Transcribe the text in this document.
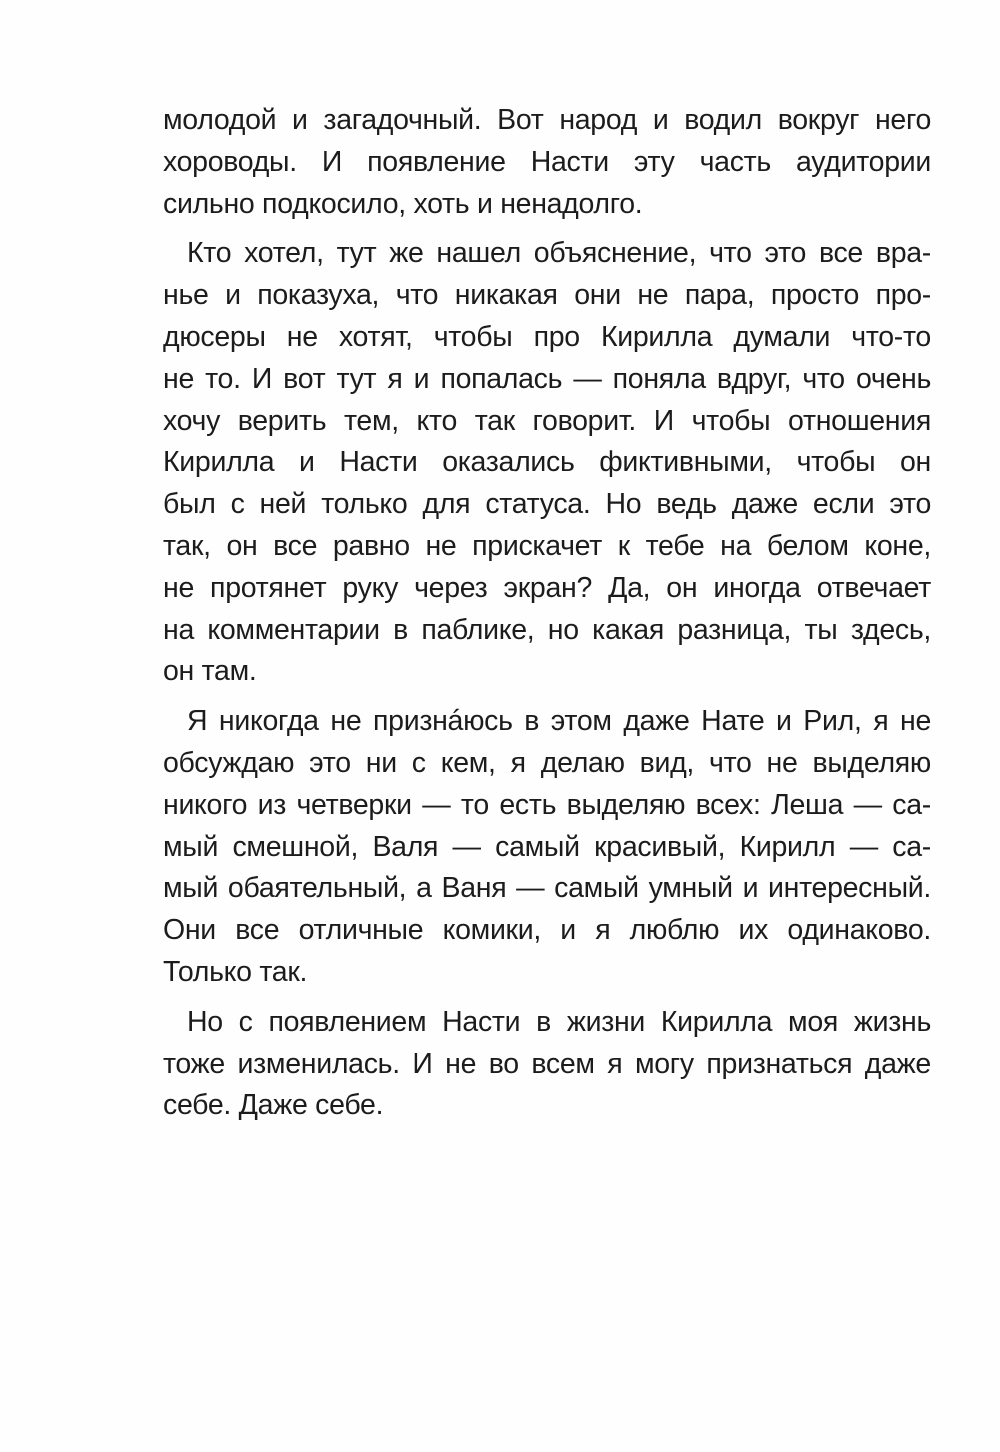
молодой и загадочный. Вот народ и водил вокруг него
хороводы. И появление Насти эту часть аудитории
сильно подкосило, хоть и ненадолго.
Кто хотел, тут же нашел объяснение, что это все вра-
нье и показуха, что никакая они не пара, просто про-
дюсеры не хотят, чтобы про Кирилла думали что-то
не то. И вот тут я и попалась — поняла вдруг, что очень
хочу верить тем, кто так говорит. И чтобы отношения
Кирилла и Насти оказались фиктивными, чтобы он
был с ней только для статуса. Но ведь даже если это
так, он все равно не прискачет к тебе на белом коне,
не протянет руку через экран? Да, он иногда отвечает
на комментарии в паблике, но какая разница, ты здесь,
он там.
Я никогда не признáюсь в этом даже Нате и Рил, я не
обсуждаю это ни с кем, я делаю вид, что не выделяю
никого из четверки — то есть выделяю всех: Леша — са-
мый смешной, Валя — самый красивый, Кирилл — са-
мый обаятельный, а Ваня — самый умный и интересный.
Они все отличные комики, и я люблю их одинаково.
Только так.
Но с появлением Насти в жизни Кирилла моя жизнь
тоже изменилась. И не во всем я могу признаться даже
себе. Даже себе.
